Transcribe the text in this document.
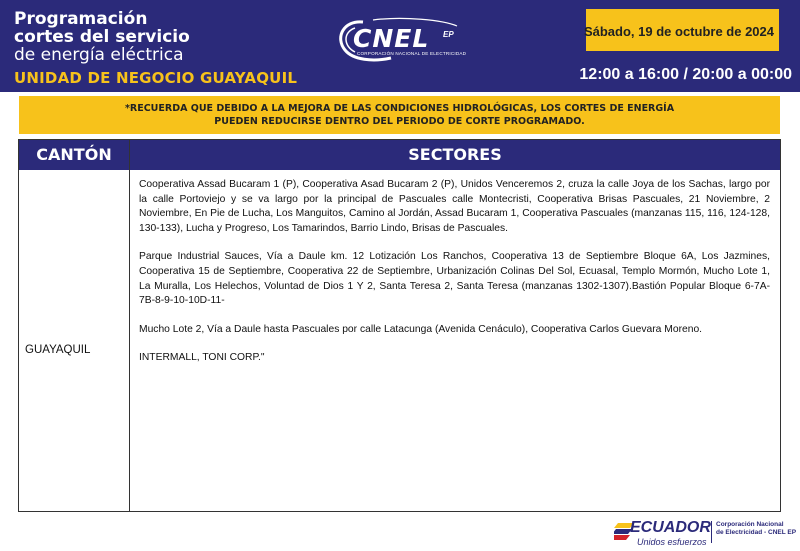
Programación
cortes del servicio
de energía eléctrica
UNIDAD DE NEGOCIO GUAYAQUIL
CNEL EP
CORPORACIÓN NACIONAL DE ELECTRICIDAD
Sábado, 19 de octubre de 2024
12:00 a 16:00 / 20:00 a 00:00

*RECUERDA QUE DEBIDO A LA MEJORA DE LAS CONDICIONES HIDROLÓGICAS, LOS CORTES DE ENERGÍA
PUEDEN REDUCIRSE DENTRO DEL PERIODO DE CORTE PROGRAMADO.

CANTÓN	SECTORES
GUAYAQUIL

Cooperativa Assad Bucaram 1 (P), Cooperativa Asad Bucaram 2 (P), Unidos Venceremos 2, cruza la calle Joya de los Sachas, largo por la calle Portoviejo y se va largo por la principal de Pascuales calle Montecristi, Cooperativa Brisas Pascuales, 21 Noviembre, 2 Noviembre, En Pie de Lucha, Los Manguitos, Camino al Jordán, Assad Bucaram 1, Cooperativa Pascuales (manzanas 115, 116, 124-128, 130-133), Lucha y Progreso, Los Tamarindos, Barrio Lindo, Brisas de Pascuales.

Parque Industrial Sauces, Vía a Daule km. 12 Lotización Los Ranchos, Cooperativa 13 de Septiembre Bloque 6A, Los Jazmines, Cooperativa 15 de Septiembre, Cooperativa 22 de Septiembre, Urbanización Colinas Del Sol, Ecuasal, Templo Mormón, Mucho Lote 1, La Muralla, Los Helechos, Voluntad de Dios 1 Y 2, Santa Teresa 2, Santa Teresa (manzanas 1302-1307).Bastión Popular Bloque 6-7A-7B-8-9-10-10D-11-

Mucho Lote 2, Vía a Daule hasta Pascuales por calle Latacunga (Avenida Cenáculo), Cooperativa Carlos Guevara Moreno.

INTERMALL, TONI CORP."

ECUADOR
Unidos esfuerzos
Corporación Nacional
de Electricidad - CNEL EP
